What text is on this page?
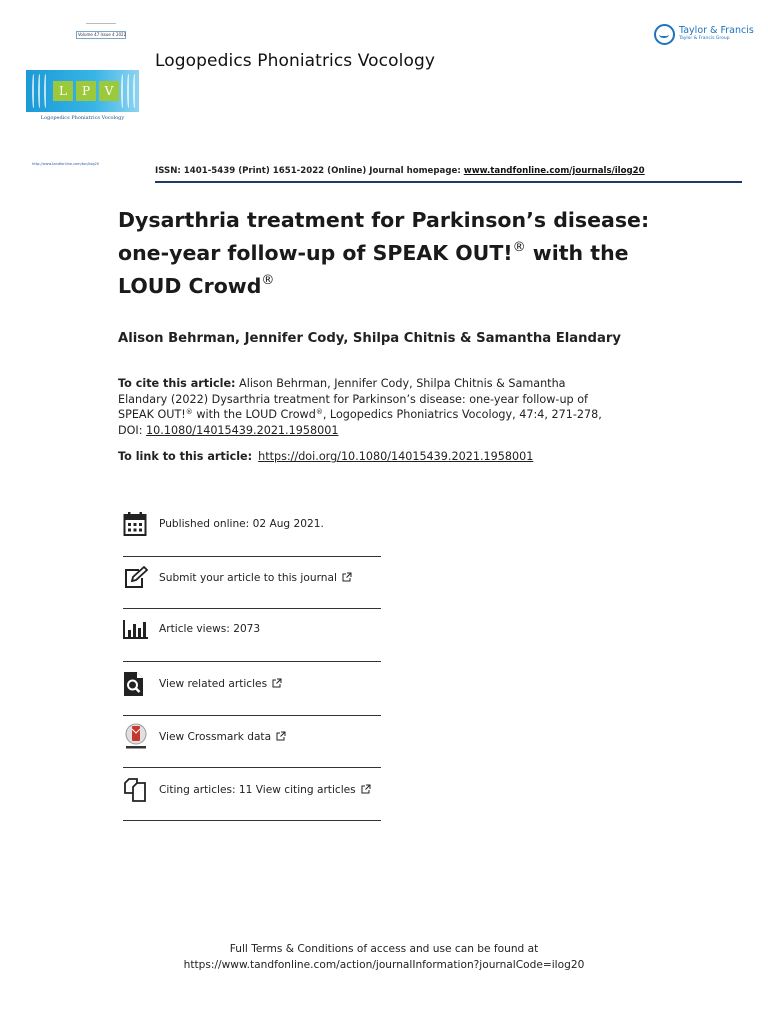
Volume 47 Issue 4 2022
L	P	V
Logopedics Phoniatrics Vocology
Logopedics Phoniatrics Vocology
Taylor & Francis
Taylor & Francis Group
http://www.tandfonline.com/toc/ilog20
ISSN: 1401-5439 (Print) 1651-2022 (Online) Journal homepage: www.tandfonline.com/journals/ilog20
Dysarthria treatment for Parkinson’s disease: one-year follow-up of SPEAK OUT!® with the LOUD Crowd®
Alison Behrman, Jennifer Cody, Shilpa Chitnis & Samantha Elandary
To cite this article: Alison Behrman, Jennifer Cody, Shilpa Chitnis & Samantha Elandary (2022) Dysarthria treatment for Parkinson’s disease: one-year follow-up of SPEAK OUT!® with the LOUD Crowd®, Logopedics Phoniatrics Vocology, 47:4, 271-278, DOI: 10.1080/14015439.2021.1958001
To link to this article: https://doi.org/10.1080/14015439.2021.1958001
Published online: 02 Aug 2021.
Submit your article to this journal
Article views: 2073
View related articles
View Crossmark data
Citing articles: 11 View citing articles
Full Terms & Conditions of access and use can be found at
https://www.tandfonline.com/action/journalInformation?journalCode=ilog20
